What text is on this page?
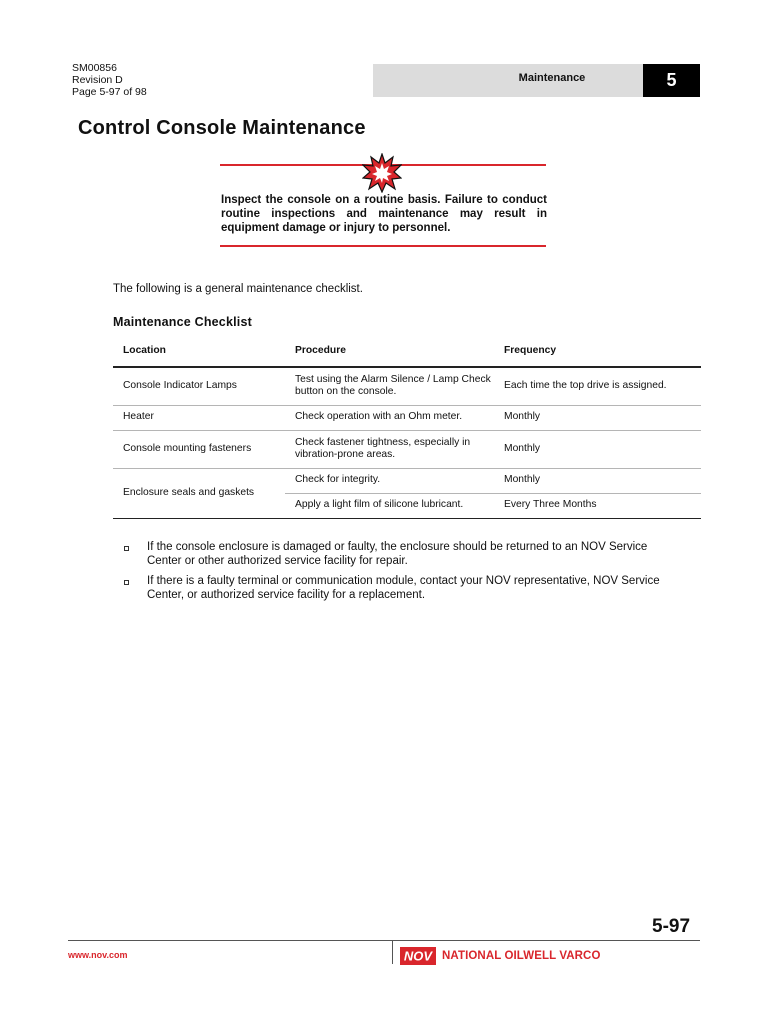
SM00856
Revision D
Page 5-97 of 98
Maintenance	5
Control Console Maintenance
Inspect the console on a routine basis. Failure to conduct routine inspections and maintenance may result in equipment damage or injury to personnel.
The following is a general maintenance checklist.
Maintenance Checklist
Location	Procedure	Frequency
Console Indicator Lamps	Test using the Alarm Silence / Lamp Check button on the console.	Each time the top drive is assigned.
Heater	Check operation with an Ohm meter.	Monthly
Console mounting fasteners	Check fastener tightness, especially in vibration-prone areas.	Monthly
Enclosure seals and gaskets	Check for integrity.	Monthly
	Apply a light film of silicone lubricant.	Every Three Months
If the console enclosure is damaged or faulty, the enclosure should be returned to an NOV Service Center or other authorized service facility for repair.
If there is a faulty terminal or communication module, contact your NOV representative, NOV Service Center, or authorized service facility for a replacement.
5-97
www.nov.com	NOV NATIONAL OILWELL VARCO
